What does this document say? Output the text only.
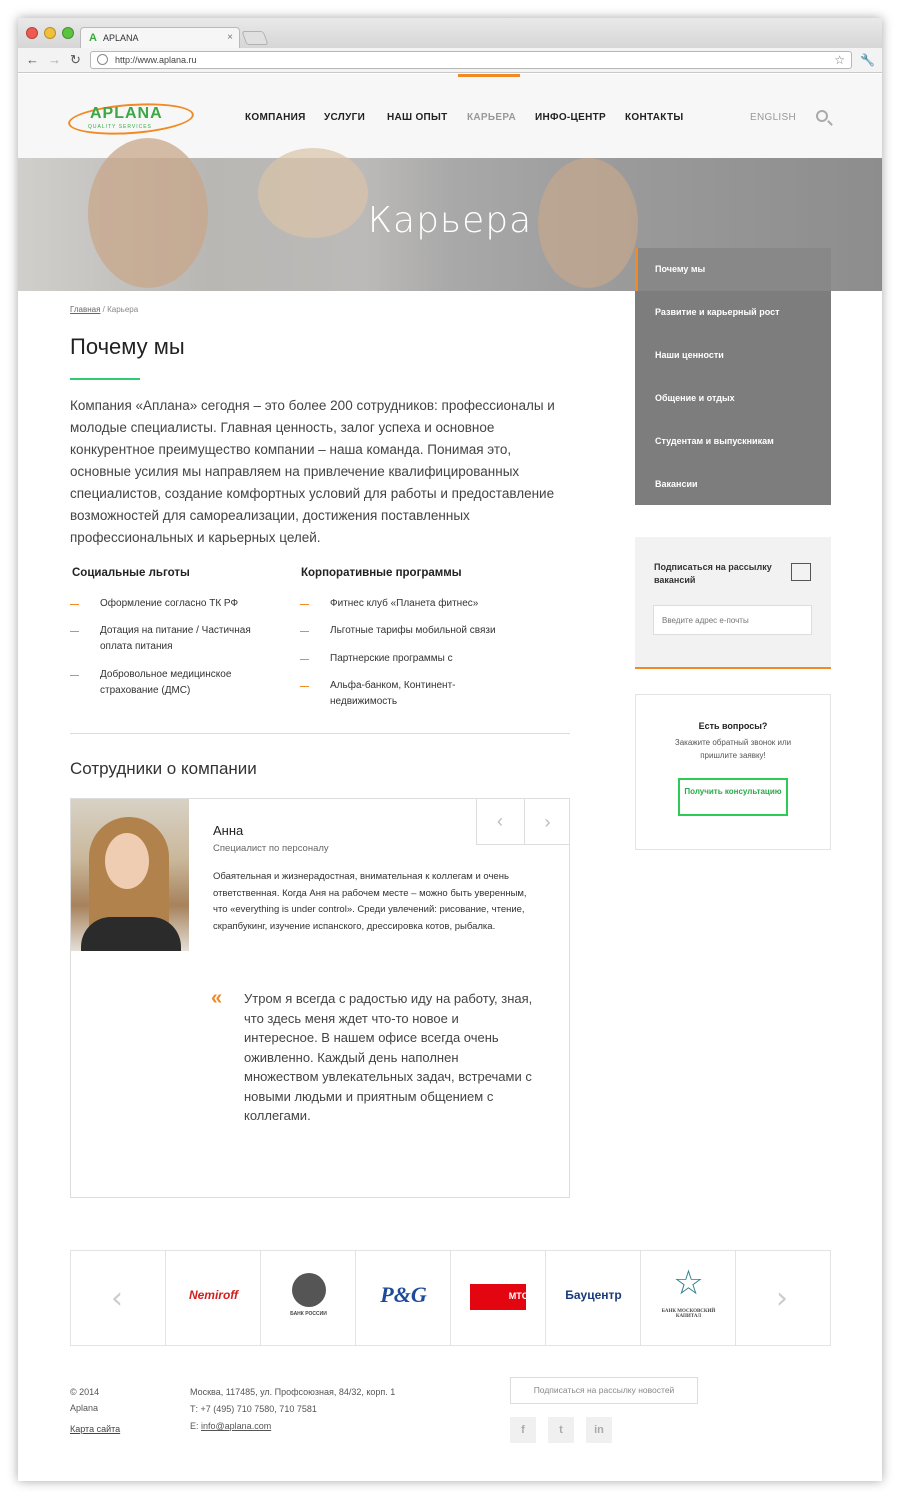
A APLANA	×
← → ↻	http://www.aplana.ru	☆ 🔧
APLANA
QUALITY SERVICES
КОМПАНИЯ УСЛУГИ НАШ ОПЫТ КАРЬЕРА ИНФО-ЦЕНТР КОНТАКТЫ	ENGLISH
Карьера
Почему мы
Развитие и карьерный рост
Наши ценности
Общение и отдых
Студентам и выпускникам
Вакансии
Подписаться на рассылку вакансий
Введите адрес е-почты
Есть вопросы?
Закажите обратный звонок или пришлите заявку!
Получить консультацию
Главная / Карьера
Почему мы
Компания «Аплана» сегодня – это более 200 сотрудников: профессионалы и молодые специалисты. Главная ценность, залог успеха и основное конкурентное преимущество компании – наша команда. Понимая это, основные усилия мы направляем на привлечение квалифицированных специалистов, создание комфортных условий для работы и предоставление возможностей для самореализации, достижения поставленных профессиональных и карьерных целей.
Социальные льготы
Оформление согласно ТК РФ
Дотация на питание / Частичная оплата питания
Добровольное медицинское страхование (ДМС)
Корпоративные программы
Фитнес клуб «Планета фитнес»
Льготные тарифы мобильной связи
Партнерские программы с
Альфа-банком, Континент-недвижимость
Сотрудники о компании
‹	›
Анна
Специалист по персоналу
Обаятельная и жизнерадостная, внимательная к коллегам и очень ответственная. Когда Аня на рабочем месте – можно быть уверенным, что «everything is under control». Среди увлечений: рисование, чтение, скрапбукинг, изучение испанского, дрессировка котов, рыбалка.
« Утром я всегда с радостью иду на работу, зная, что здесь меня ждет что-то новое и интересное. В нашем офисе всегда очень оживленно. Каждый день наполнен множеством увлекательных задач, встречами с новыми людьми и приятным общением с коллегами.
‹	Nemiroff
БАНК РОССИИ
P&G	МТС	Бауцентр	☆
БАНК МОСКОВСКИЙ КАПИТАЛ
›
© 2014
Aplana
Карта сайта
Москва, 117485, ул. Профсоюзная, 84/32, корп. 1
Т: +7 (495) 710 7580, 710 7581
E: info@aplana.com
Подписаться на рассылку новостей
f	t	in
